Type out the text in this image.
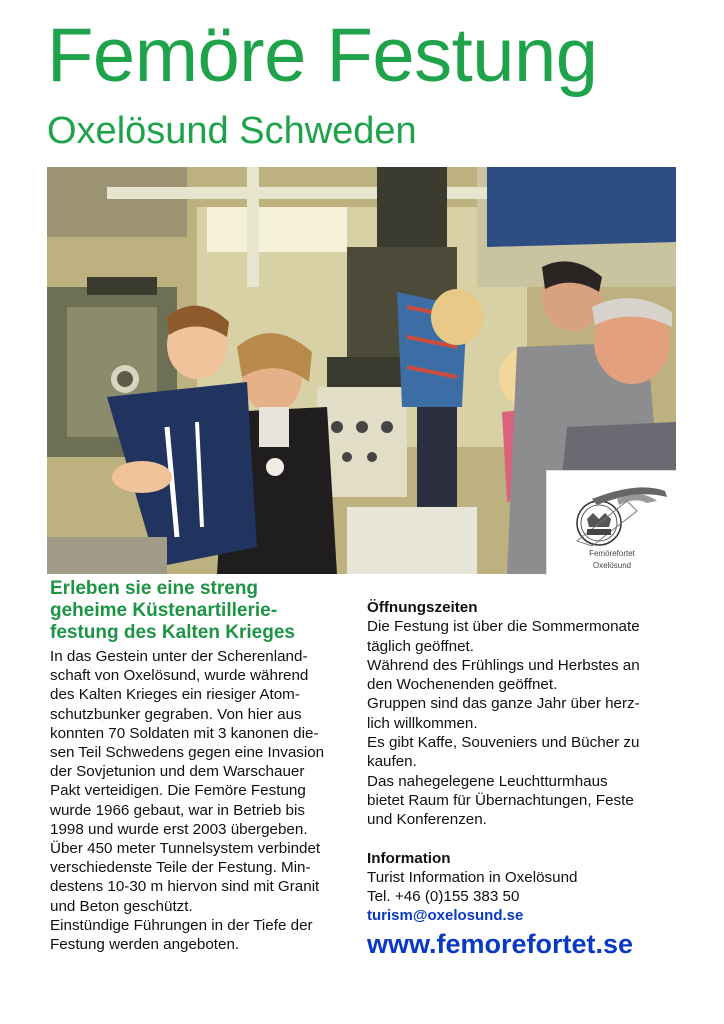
Femöre Festung
Oxelösund Schweden
Foto Per Rödseth
Femörefortet
Oxelösund
Erleben sie eine streng
geheime Küstenartillerie-
festung des Kalten Krieges
In das Gestein unter der Scherenland-
schaft von Oxelösund, wurde während
des Kalten Krieges ein riesiger Atom-
schutzbunker gegraben. Von hier aus
konnten 70 Soldaten mit 3 kanonen die-
sen Teil Schwedens gegen eine Invasion
der Sovjetunion und dem Warschauer
Pakt verteidigen. Die Femöre Festung
wurde 1966 gebaut, war in Betrieb bis
1998 und wurde erst 2003 übergeben.
Über 450 meter Tunnelsystem verbindet
verschiedenste Teile der Festung. Min-
destens 10-30 m hiervon sind mit Granit
und Beton geschützt.
Einstündige Führungen in der Tiefe der
Festung werden angeboten.
Öffnungszeiten
Die Festung ist über die Sommermonate
täglich geöffnet.
Während des Frühlings und Herbstes an
den Wochenenden geöffnet.
Gruppen sind das ganze Jahr über herz-
lich willkommen.
Es gibt Kaffe, Souveniers und Bücher zu
kaufen.
Das nahegelegene Leuchtturmhaus
bietet Raum für Übernachtungen, Feste
und Konferenzen.
Information
Turist Information in Oxelösund
Tel. +46 (0)155 383 50
turism@oxelosund.se
www.femorefortet.se
